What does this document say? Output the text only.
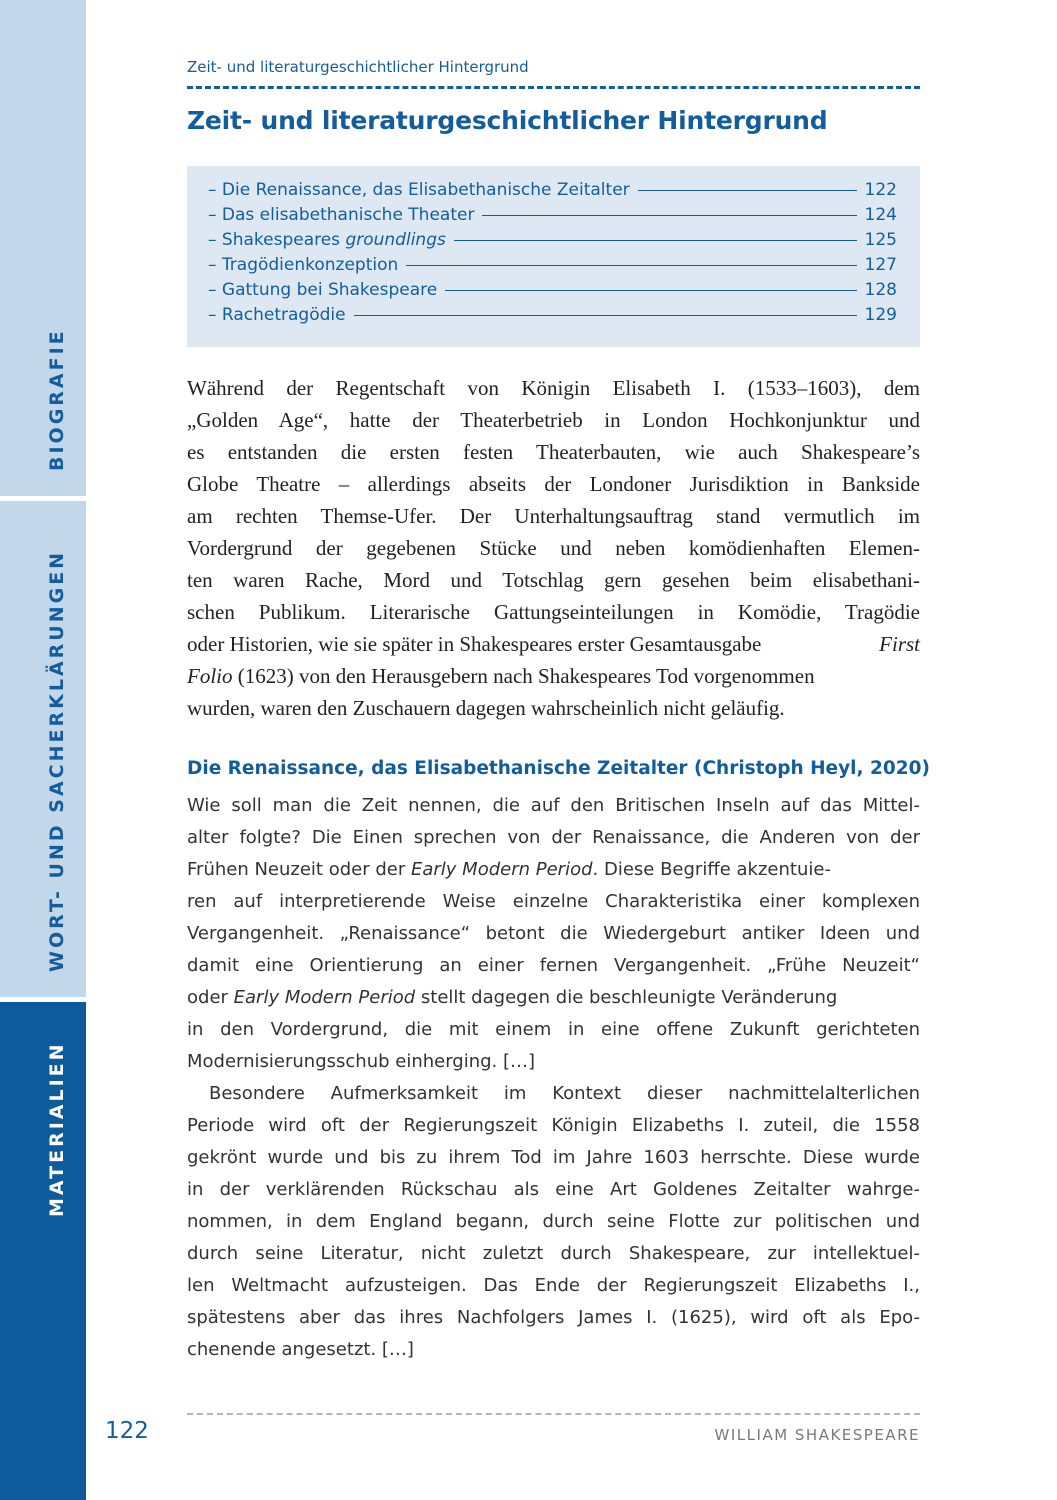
BIOGRAFIE
WORT- UND SACHERKLÄRUNGEN
MATERIALIEN
Zeit- und literaturgeschichtlicher Hintergrund
Zeit- und literaturgeschichtlicher Hintergrund
– Die Renaissance, das Elisabethanische Zeitalter	122
– Das elisabethanische Theater	124
– Shakespeares groundlings	125
– Tragödienkonzeption	127
– Gattung bei Shakespeare	128
– Rachetragödie	129
Während der Regentschaft von Königin Elisabeth I. (1533–1603), dem
„Golden Age“, hatte der Theaterbetrieb in London Hochkonjunktur und
es entstanden die ersten festen Theaterbauten, wie auch Shakespeare’s
Globe Theatre – allerdings abseits der Londoner Jurisdiktion in Bankside
am rechten Themse-Ufer. Der Unterhaltungsauftrag stand vermutlich im
Vordergrund der gegebenen Stücke und neben komödienhaften Elemen-
ten waren Rache, Mord und Totschlag gern gesehen beim elisabethani-
schen Publikum. Literarische Gattungseinteilungen in Komödie, Tragödie
oder Historien, wie sie später in Shakespeares erster Gesamtausgabe	First
Folio (1623) von den Herausgebern nach Shakespeares Tod vorgenommen
wurden, waren den Zuschauern dagegen wahrscheinlich nicht geläufig.
Die Renaissance, das Elisabethanische Zeitalter (Christoph Heyl, 2020)
Wie soll man die Zeit nennen, die auf den Britischen Inseln auf das Mittel-
alter folgte? Die Einen sprechen von der Renaissance, die Anderen von der
Frühen Neuzeit oder der Early Modern Period. Diese Begriffe akzentuie-
ren auf interpretierende Weise einzelne Charakteristika einer komplexen
Vergangenheit. „Renaissance“ betont die Wiedergeburt antiker Ideen und
damit eine Orientierung an einer fernen Vergangenheit. „Frühe Neuzeit“
oder Early Modern Period stellt dagegen die beschleunigte Veränderung
in den Vordergrund, die mit einem in eine offene Zukunft gerichteten
Modernisierungsschub einherging. […]
Besondere Aufmerksamkeit im Kontext dieser nachmittelalterlichen
Periode wird oft der Regierungszeit Königin Elizabeths I. zuteil, die 1558
gekrönt wurde und bis zu ihrem Tod im Jahre 1603 herrschte. Diese wurde
in der verklärenden Rückschau als eine Art Goldenes Zeitalter wahrge-
nommen, in dem England begann, durch seine Flotte zur politischen und
durch seine Literatur, nicht zuletzt durch Shakespeare, zur intellektuel-
len Weltmacht aufzusteigen. Das Ende der Regierungszeit Elizabeths I.,
spätestens aber das ihres Nachfolgers James I. (1625), wird oft als Epo-
chenende angesetzt. […]
122	WILLIAM SHAKESPEARE
